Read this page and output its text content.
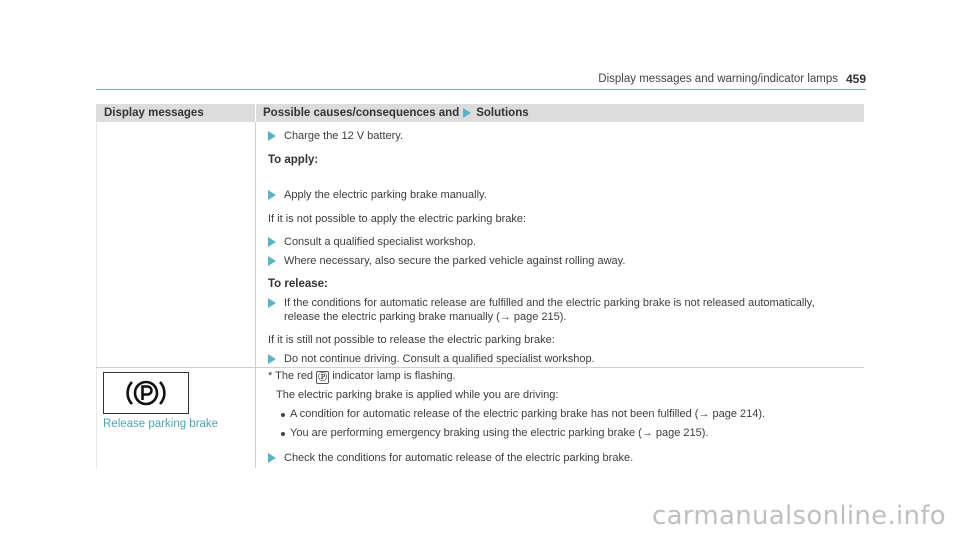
Display messages and warning/indicator lamps 459
Display messages	Possible causes/consequences and Solutions
Charge the 12 V battery.
To apply:
Apply the electric parking brake manually.
If it is not possible to apply the electric parking brake:
Consult a qualified specialist workshop.
Where necessary, also secure the parked vehicle against rolling away.
To release:
If the conditions for automatic release are fulfilled and the electric parking brake is not released automatically,
release the electric parking brake manually (→ page 215).
If it is still not possible to release the electric parking brake:
Do not continue driving. Consult a qualified specialist workshop.
Release parking brake
* The red Ⓟ indicator lamp is flashing.
The electric parking brake is applied while you are driving:
A condition for automatic release of the electric parking brake has not been fulfilled (→ page 214).
You are performing emergency braking using the electric parking brake (→ page 215).
Check the conditions for automatic release of the electric parking brake.
carmanualsonline.info
